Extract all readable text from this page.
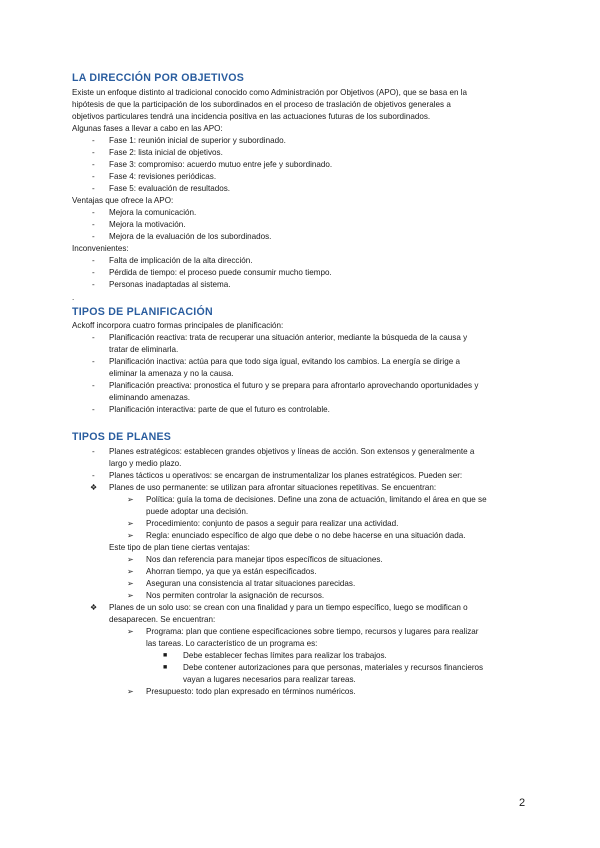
LA DIRECCIÓN POR OBJETIVOS
Existe un enfoque distinto al tradicional conocido como Administración por Objetivos (APO), que se basa en la
hipótesis de que la participación de los subordinados en el proceso de traslación de objetivos generales a
objetivos particulares tendrá una incidencia positiva en las actuaciones futuras de los subordinados.
Algunas fases a llevar a cabo en las APO:
- Fase 1: reunión inicial de superior y subordinado.
- Fase 2: lista inicial de objetivos.
- Fase 3: compromiso: acuerdo mutuo entre jefe y subordinado.
- Fase 4: revisiones periódicas.
- Fase 5: evaluación de resultados.
Ventajas que ofrece la APO:
- Mejora la comunicación.
- Mejora la motivación.
- Mejora de la evaluación de los subordinados.
Inconvenientes:
- Falta de implicación de la alta dirección.
- Pérdida de tiempo: el proceso puede consumir mucho tiempo.
- Personas inadaptadas al sistema.
.
TIPOS DE PLANIFICACIÓN
Ackoff incorpora cuatro formas principales de planificación:
- Planificación reactiva: trata de recuperar una situación anterior, mediante la búsqueda de la causa y
tratar de eliminarla.
- Planificación inactiva: actúa para que todo siga igual, evitando los cambios. La energía se dirige a
eliminar la amenaza y no la causa.
- Planificación preactiva: pronostica el futuro y se prepara para afrontarlo aprovechando oportunidades y
eliminando amenazas.
- Planificación interactiva: parte de que el futuro es controlable.
TIPOS DE PLANES
- Planes estratégicos: establecen grandes objetivos y líneas de acción. Son extensos y generalmente a
largo y medio plazo.
- Planes tácticos u operativos: se encargan de instrumentalizar los planes estratégicos. Pueden ser:
❖ Planes de uso permanente: se utilizan para afrontar situaciones repetitivas. Se encuentran:
➢ Política: guía la toma de decisiones. Define una zona de actuación, limitando el área en que se
puede adoptar una decisión.
➢ Procedimiento: conjunto de pasos a seguir para realizar una actividad.
➢ Regla: enunciado específico de algo que debe o no debe hacerse en una situación dada.
Este tipo de plan tiene ciertas ventajas:
➢ Nos dan referencia para manejar tipos específicos de situaciones.
➢ Ahorran tiempo, ya que ya están especificados.
➢ Aseguran una consistencia al tratar situaciones parecidas.
➢ Nos permiten controlar la asignación de recursos.
❖ Planes de un solo uso: se crean con una finalidad y para un tiempo específico, luego se modifican o
desaparecen. Se encuentran:
➢ Programa: plan que contiene especificaciones sobre tiempo, recursos y lugares para realizar
las tareas. Lo característico de un programa es:
■ Debe establecer fechas límites para realizar los trabajos.
■ Debe contener autorizaciones para que personas, materiales y recursos financieros
vayan a lugares necesarios para realizar tareas.
➢ Presupuesto: todo plan expresado en términos numéricos.
2
